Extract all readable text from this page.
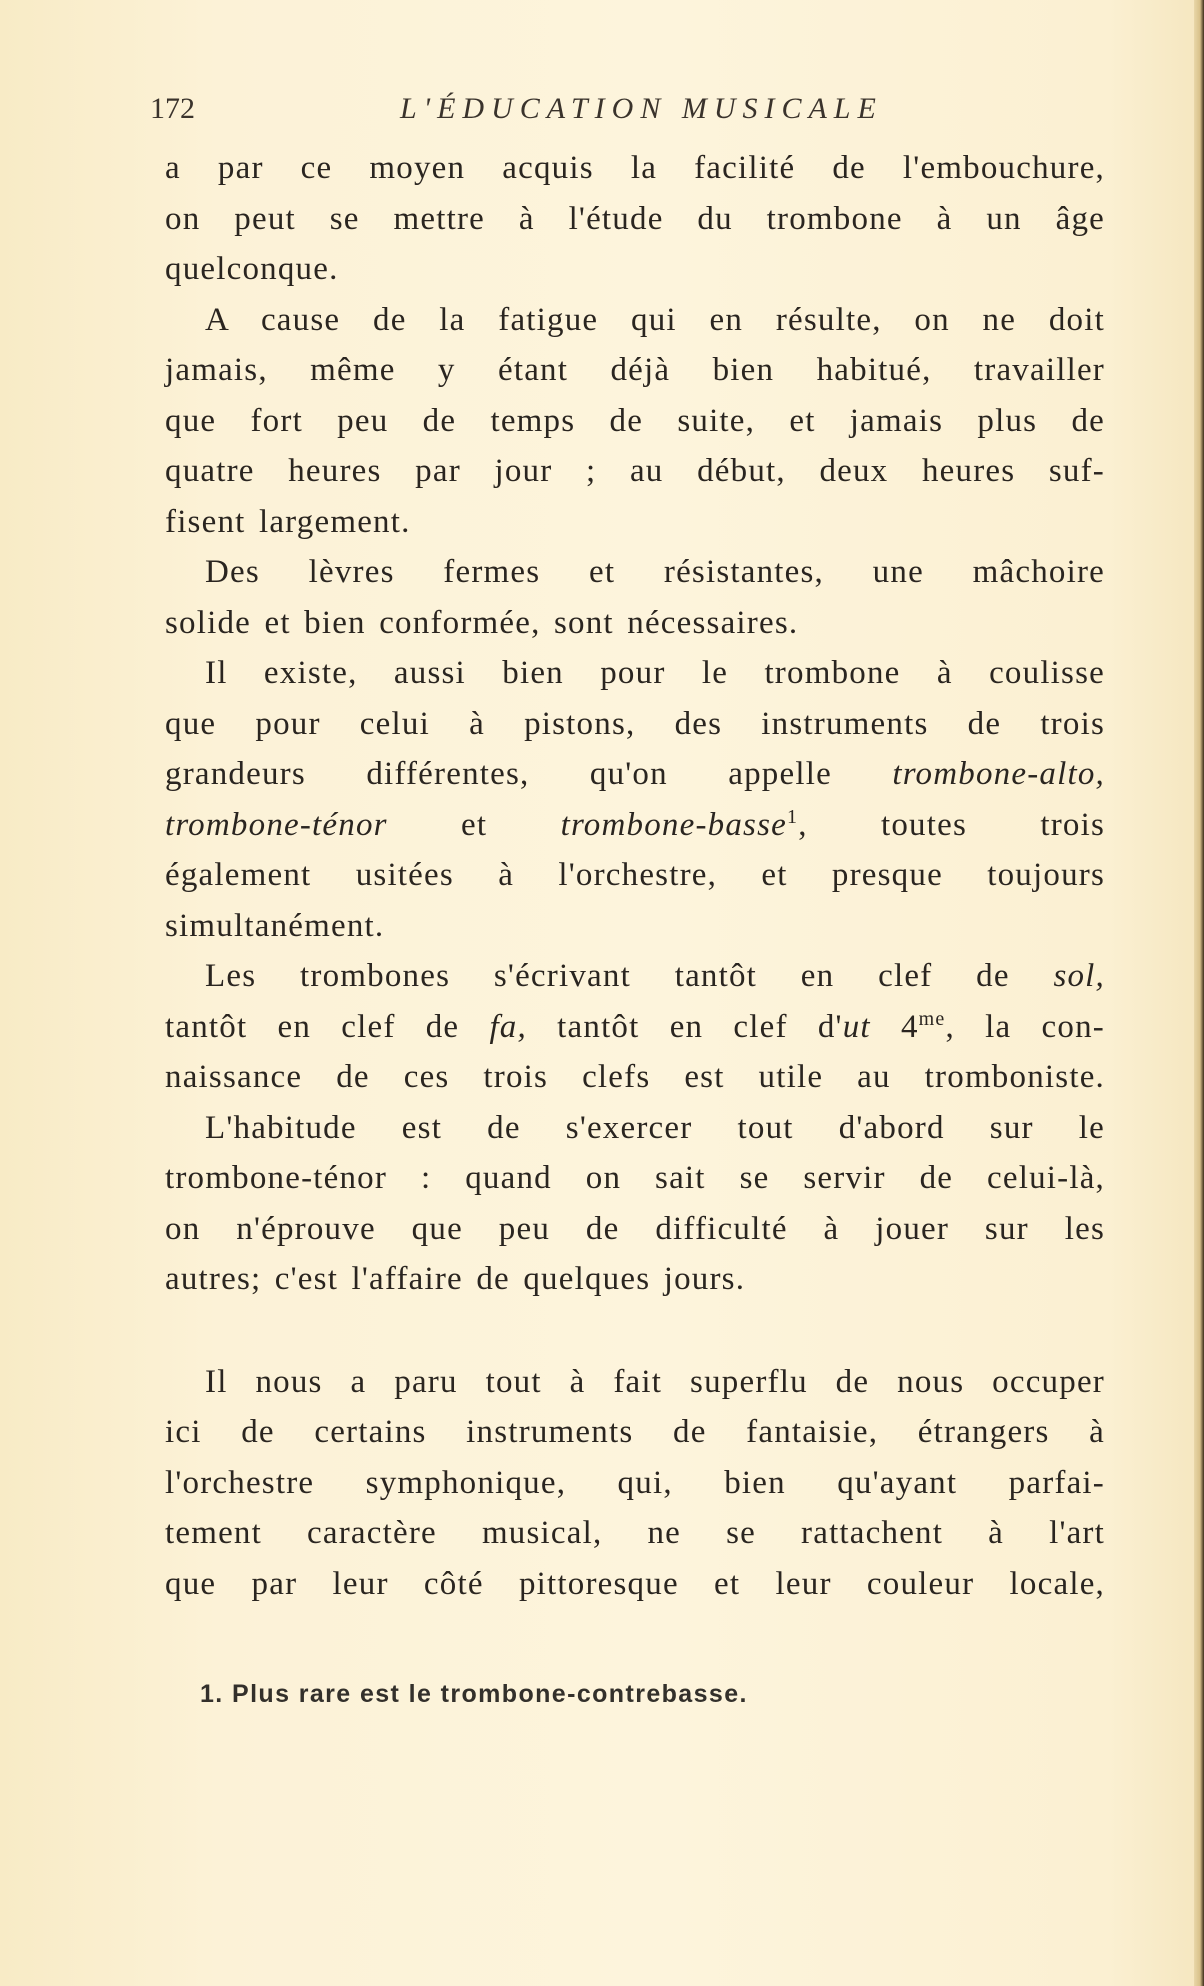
172	L'ÉDUCATION MUSICALE
a par ce moyen acquis la facilité de l'embouchure,
on peut se mettre à l'étude du trombone à un âge
quelconque.
A cause de la fatigue qui en résulte, on ne doit
jamais, même y étant déjà bien habitué, travailler
que fort peu de temps de suite, et jamais plus de
quatre heures par jour ; au début, deux heures suf-
fisent largement.
Des lèvres fermes et résistantes, une mâchoire
solide et bien conformée, sont nécessaires.
Il existe, aussi bien pour le trombone à coulisse
que pour celui à pistons, des instruments de trois
grandeurs différentes, qu'on appelle trombone-alto,
trombone-ténor et trombone-basse$^1$, toutes trois
également usitées à l'orchestre, et presque toujours
simultanément.
Les trombones s'écrivant tantôt en clef de sol,
tantôt en clef de fa, tantôt en clef d'ut $4^{me}$, la con-
naissance de ces trois clefs est utile au tromboniste.
L'habitude est de s'exercer tout d'abord sur le
trombone-ténor : quand on sait se servir de celui-là,
on n'éprouve que peu de difficulté à jouer sur les
autres; c'est l'affaire de quelques jours.
Il nous a paru tout à fait superflu de nous occuper
ici de certains instruments de fantaisie, étrangers à
l'orchestre symphonique, qui, bien qu'ayant parfai-
tement caractère musical, ne se rattachent à l'art
que par leur côté pittoresque et leur couleur locale,
1. Plus rare est le trombone-contrebasse.
